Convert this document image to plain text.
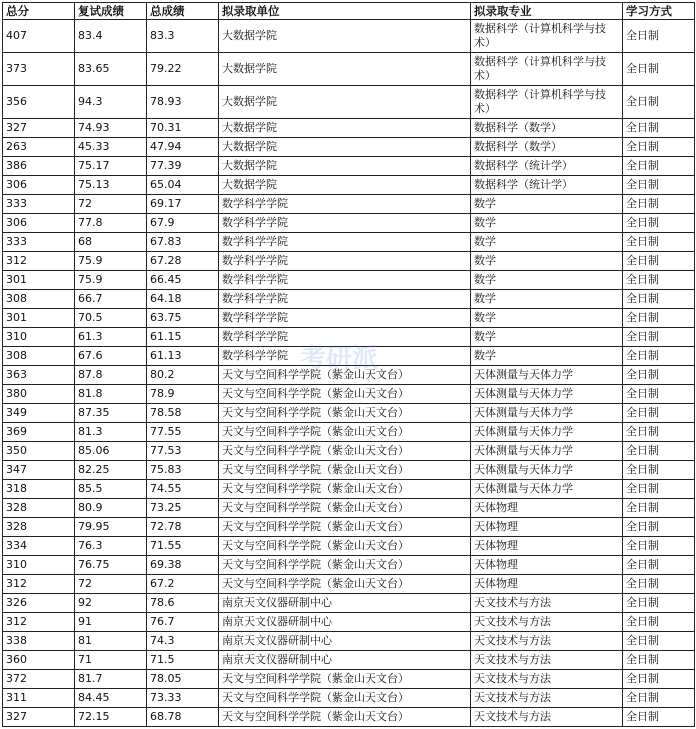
总分	复试成绩	总成绩	拟录取单位	拟录取专业	学习方式
407	83.4	83.3	大数据学院	数据科学（计算机科学与技术）	全日制
373	83.65	79.22	大数据学院	数据科学（计算机科学与技术）	全日制
356	94.3	78.93	大数据学院	数据科学（计算机科学与技术）	全日制
327	74.93	70.31	大数据学院	数据科学（数学）	全日制
263	45.33	47.94	大数据学院	数据科学（数学）	全日制
386	75.17	77.39	大数据学院	数据科学（统计学）	全日制
306	75.13	65.04	大数据学院	数据科学（统计学）	全日制
333	72	69.17	数学科学学院	数学	全日制
306	77.8	67.9	数学科学学院	数学	全日制
333	68	67.83	数学科学学院	数学	全日制
312	75.9	67.28	数学科学学院	数学	全日制
301	75.9	66.45	数学科学学院	数学	全日制
308	66.7	64.18	数学科学学院	数学	全日制
301	70.5	63.75	数学科学学院	数学	全日制
310	61.3	61.15	数学科学学院	数学	全日制
308	67.6	61.13	数学科学学院	数学	全日制
363	87.8	80.2	天文与空间科学学院（紫金山天文台）	天体测量与天体力学	全日制
380	81.8	78.9	天文与空间科学学院（紫金山天文台）	天体测量与天体力学	全日制
349	87.35	78.58	天文与空间科学学院（紫金山天文台）	天体测量与天体力学	全日制
369	81.3	77.55	天文与空间科学学院（紫金山天文台）	天体测量与天体力学	全日制
350	85.06	77.53	天文与空间科学学院（紫金山天文台）	天体测量与天体力学	全日制
347	82.25	75.83	天文与空间科学学院（紫金山天文台）	天体测量与天体力学	全日制
318	85.5	74.55	天文与空间科学学院（紫金山天文台）	天体测量与天体力学	全日制
328	80.9	73.25	天文与空间科学学院（紫金山天文台）	天体物理	全日制
328	79.95	72.78	天文与空间科学学院（紫金山天文台）	天体物理	全日制
334	76.3	71.55	天文与空间科学学院（紫金山天文台）	天体物理	全日制
310	76.75	69.38	天文与空间科学学院（紫金山天文台）	天体物理	全日制
312	72	67.2	天文与空间科学学院（紫金山天文台）	天体物理	全日制
326	92	78.6	南京天文仪器研制中心	天文技术与方法	全日制
312	91	76.7	南京天文仪器研制中心	天文技术与方法	全日制
338	81	74.3	南京天文仪器研制中心	天文技术与方法	全日制
360	71	71.5	南京天文仪器研制中心	天文技术与方法	全日制
372	81.7	78.05	天文与空间科学学院（紫金山天文台）	天文技术与方法	全日制
311	84.45	73.33	天文与空间科学学院（紫金山天文台）	天文技术与方法	全日制
327	72.15	68.78	天文与空间科学学院（紫金山天文台）	天文技术与方法	全日制
考研派
